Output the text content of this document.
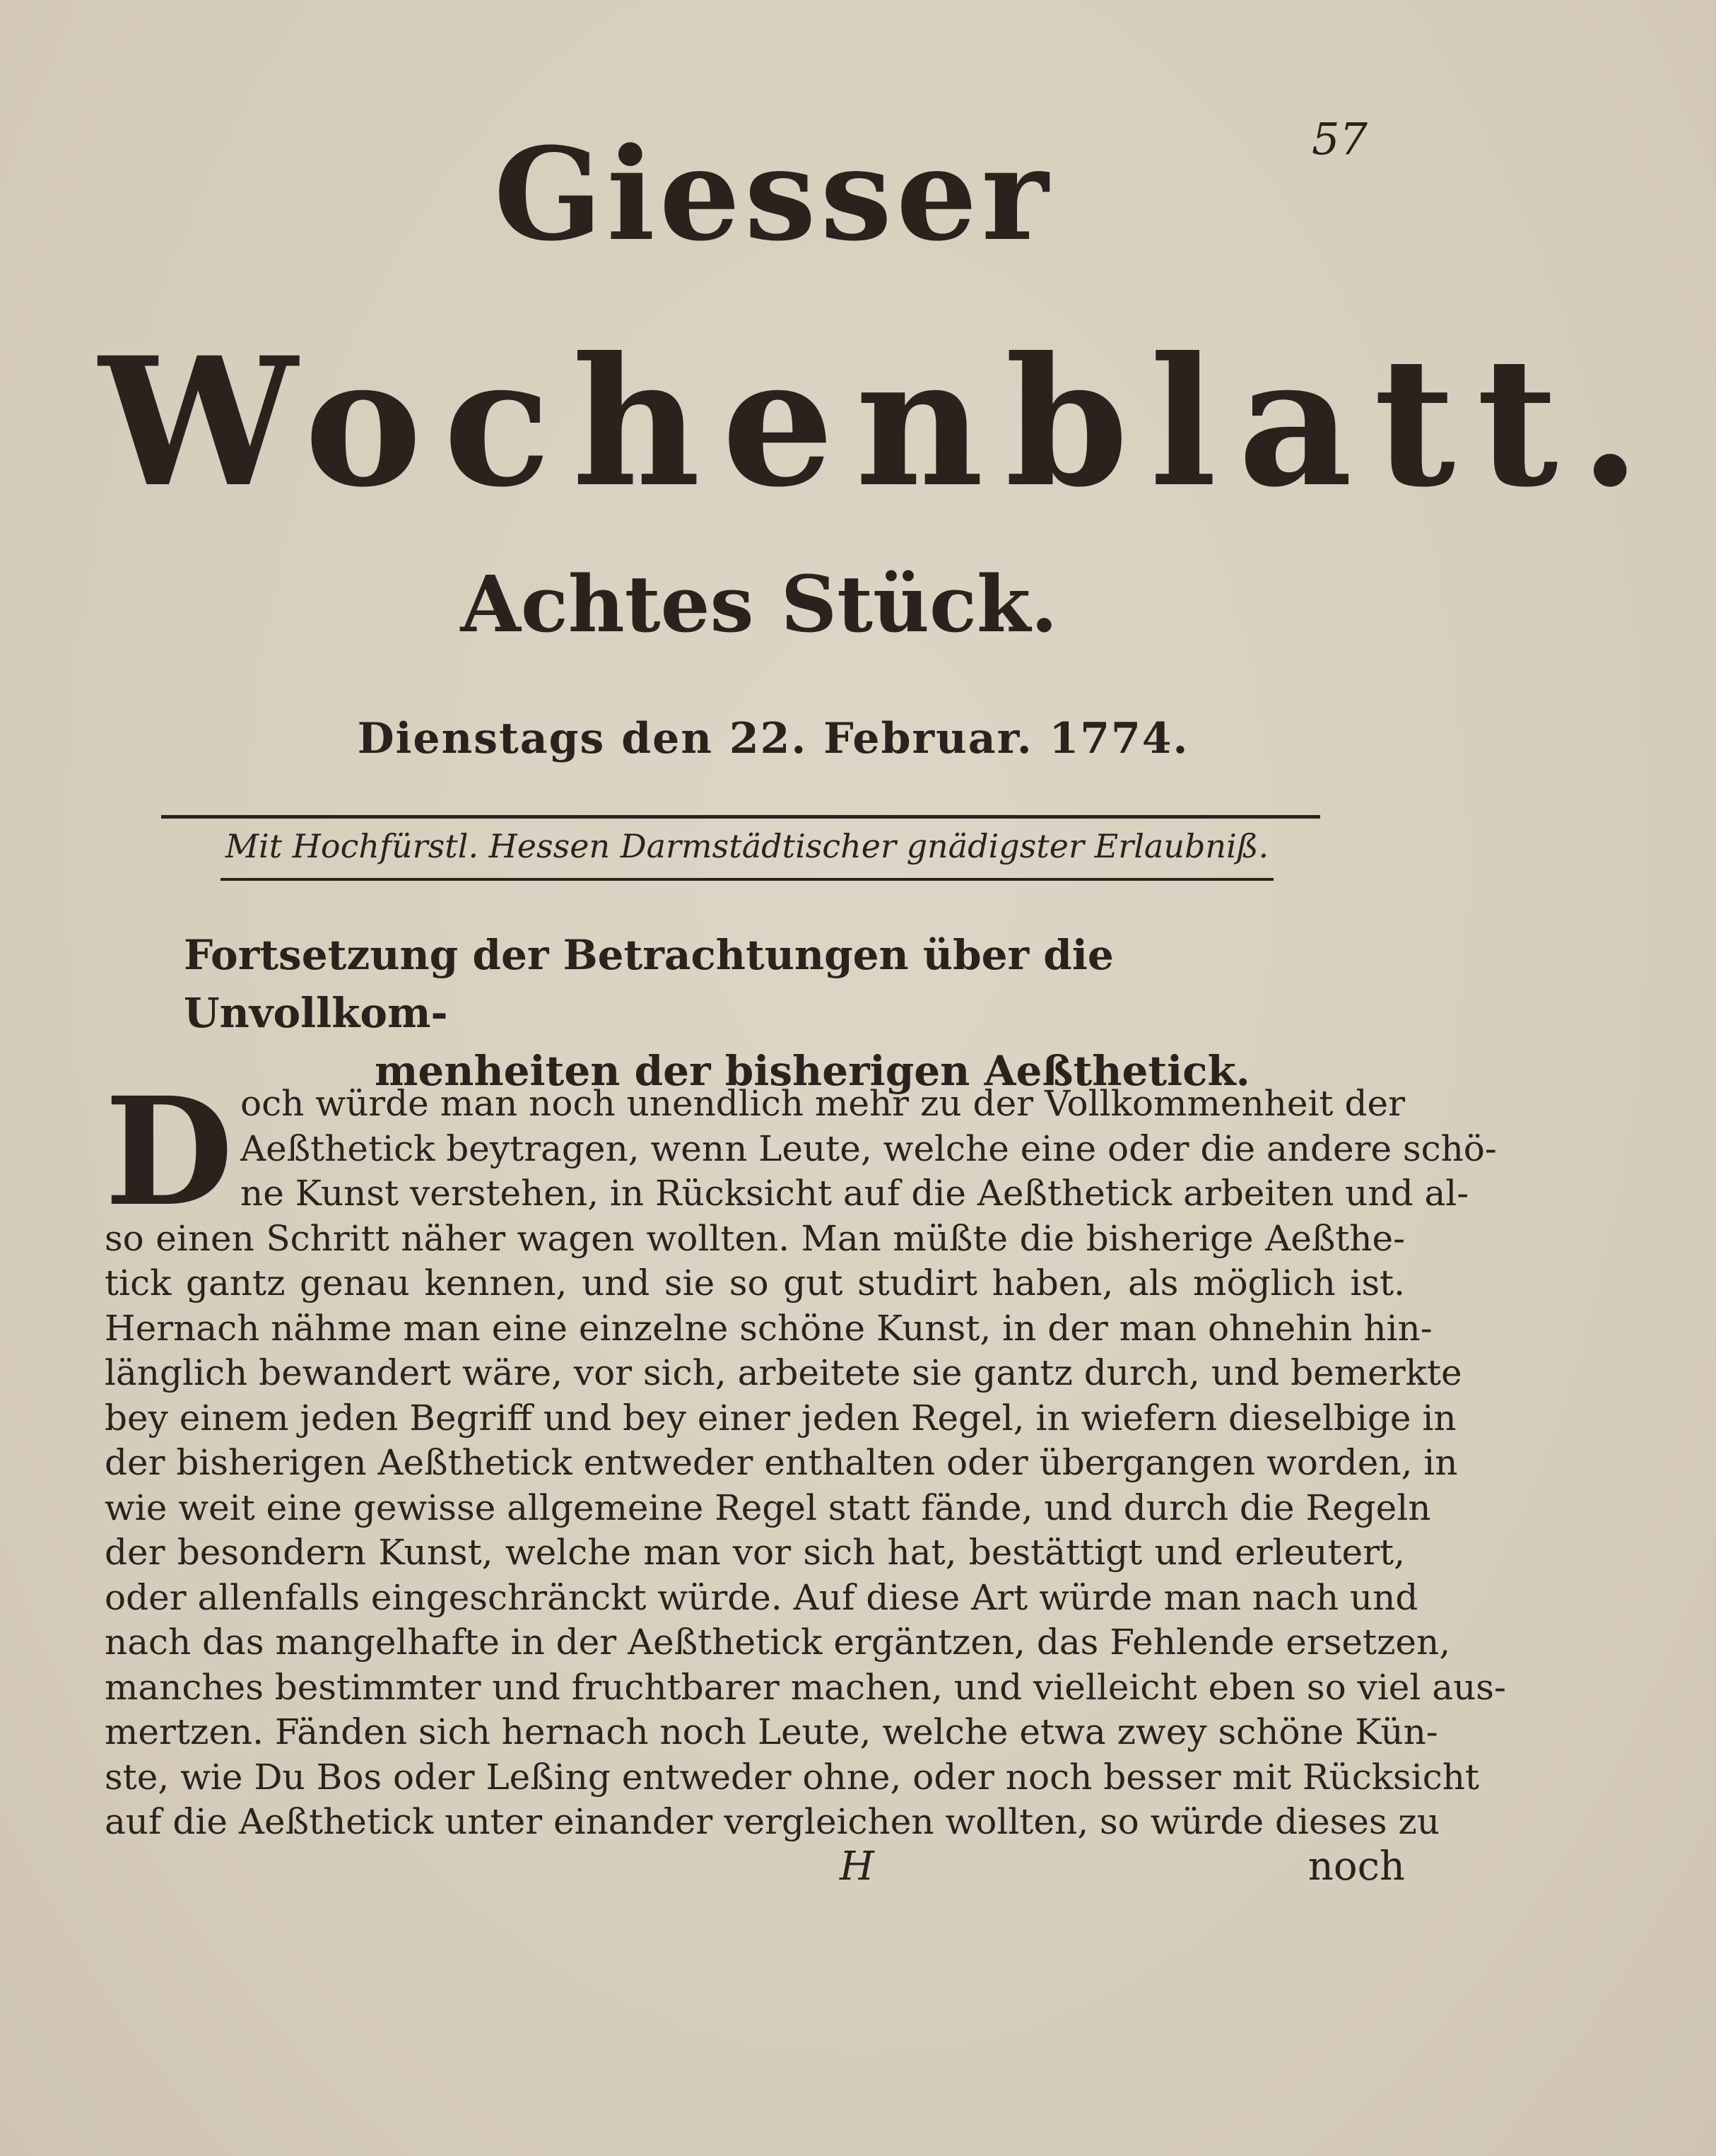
57
Giesser
Wochenblatt.
Achtes Stück.
Dienstags den 22. Februar. 1774.
Mit Hochfürstl. Hessen Darmstädtischer gnädigster Erlaubniß.
Fortsetzung der Betrachtungen über die Unvollkom-
menheiten der bisherigen Aeßthetick.
D och würde man noch unendlich mehr zu der Vollkommenheit der
Aeßthetick beytragen, wenn Leute, welche eine oder die andere schö-
ne Kunst verstehen, in Rücksicht auf die Aeßthetick arbeiten und al-
so einen Schritt näher wagen wollten. Man müßte die bisherige Aeßthe-
tick gantz genau kennen, und sie so gut studirt haben, als möglich ist.
Hernach nähme man eine einzelne schöne Kunst, in der man ohnehin hin-
länglich bewandert wäre, vor sich, arbeitete sie gantz durch, und bemerkte
bey einem jeden Begriff und bey einer jeden Regel, in wiefern dieselbige in
der bisherigen Aeßthetick entweder enthalten oder übergangen worden, in
wie weit eine gewisse allgemeine Regel statt fände, und durch die Regeln
der besondern Kunst, welche man vor sich hat, bestättigt und erleutert,
oder allenfalls eingeschränckt würde. Auf diese Art würde man nach und
nach das mangelhafte in der Aeßthetick ergäntzen, das Fehlende ersetzen,
manches bestimmter und fruchtbarer machen, und vielleicht eben so viel aus-
mertzen. Fänden sich hernach noch Leute, welche etwa zwey schöne Kün-
ste, wie Du Bos oder Leßing entweder ohne, oder noch besser mit Rücksicht
auf die Aeßthetick unter einander vergleichen wollten, so würde dieses zu
H	noch
